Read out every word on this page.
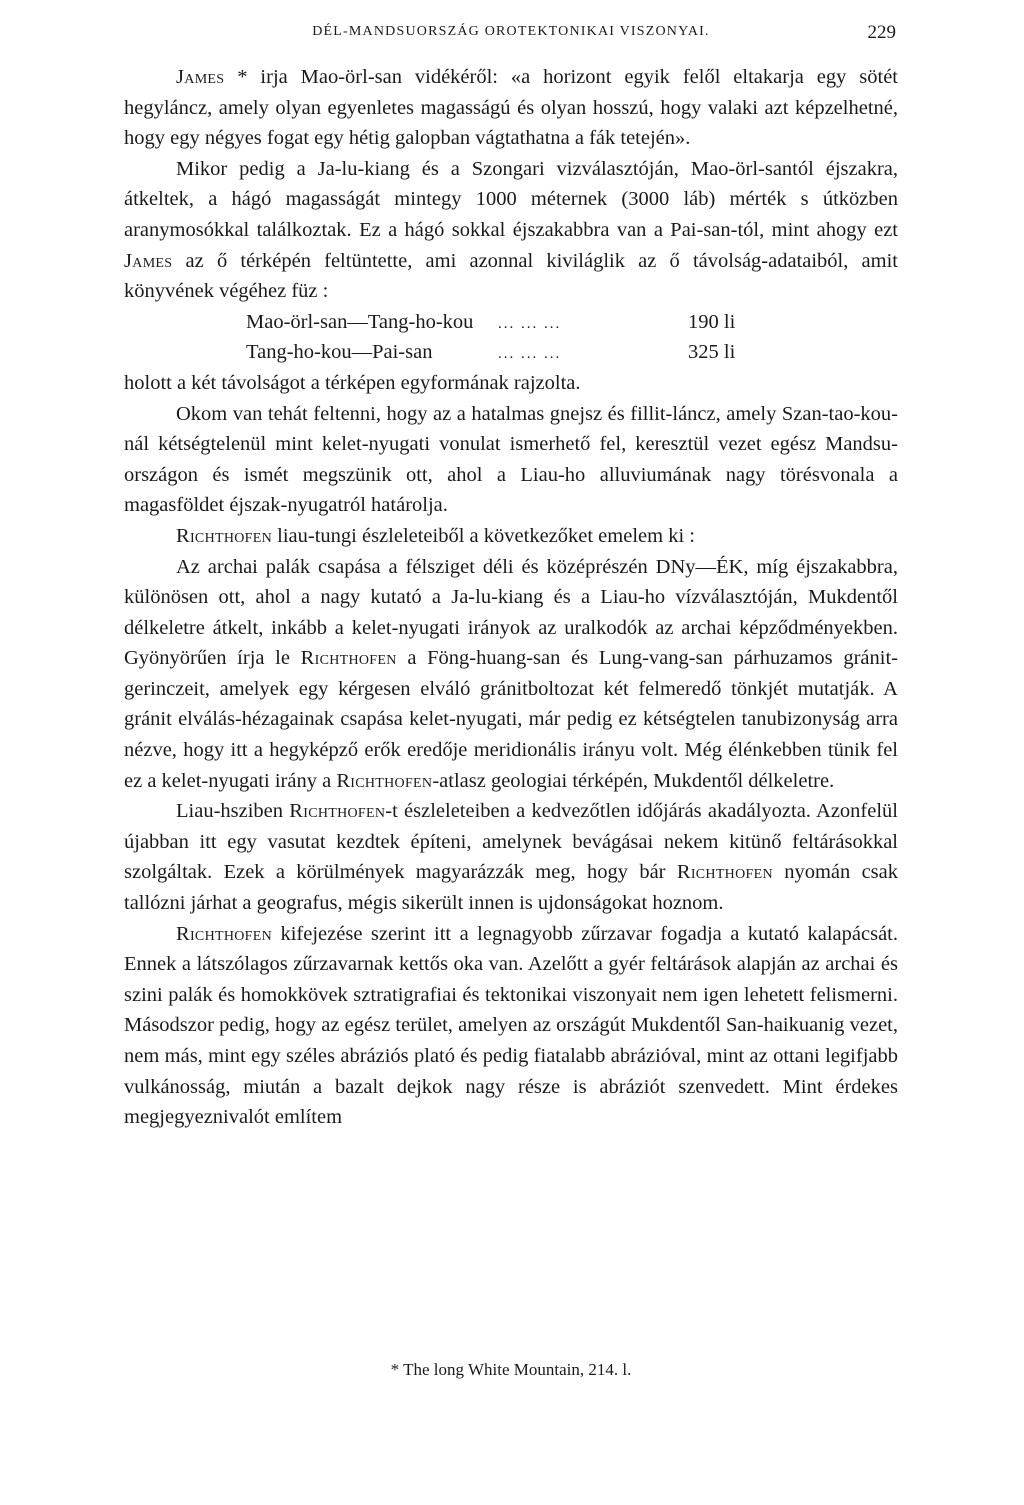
DÉL-MANDSUORSZÁG OROTEKTONIKAI VISZONYAI.	229

James * irja Mao-örl-san vidékéről: «a horizont egyik felől eltakarja egy sötét hegyláncz, amely olyan egyenletes magasságú és olyan hosszú, hogy valaki azt képzelhetné, hogy egy négyes fogat egy hétig galopban vágtathatna a fák tetején».

Mikor pedig a Ja-lu-kiang és a Szongari vizválasztóján, Mao-örl-santól éjszakra, átkeltek, a hágó magasságát mintegy 1000 méternek (3000 láb) mérték s útközben aranymosókkal találkoztak. Ez a hágó sokkal éjszakabbra van a Pai-san-tól, mint ahogy ezt James az ő térképén feltüntette, ami azonnal kiviláglik az ő távolság-adataiból, amit könyvének végéhez füz :

Mao-örl-san—Tang-ho-kou	... ... ...	190 li
Tang-ho-kou—Pai-san	... ... ...	325 li

holott a két távolságot a térképen egyformának rajzolta.

Okom van tehát feltenni, hogy az a hatalmas gnejsz és fillit-láncz, amely Szan-tao-kou-nál kétségtelenül mint kelet-nyugati vonulat ismerhető fel, keresztül vezet egész Mandsu-országon és ismét megszünik ott, ahol a Liau-ho alluviumának nagy törésvonala a magasföldet éjszak-nyugatról határolja.

Richthofen liau-tungi észleleteiből a következőket emelem ki :

Az archai palák csapása a félsziget déli és középrészén DNy—ÉK, míg éjszakabbra, különösen ott, ahol a nagy kutató a Ja-lu-kiang és a Liau-ho vízválasztóján, Mukdentől délkeletre átkelt, inkább a kelet-nyugati irányok az uralkodók az archai képződményekben. Gyönyörűen írja le Richthofen a Föng-huang-san és Lung-vang-san párhuzamos gránit-gerinczeit, amelyek egy kérgesen elváló gránitboltozat két felmeredő tönkjét mutatják. A gránit elválás-hézagainak csapása kelet-nyugati, már pedig ez kétségtelen tanubizonyság arra nézve, hogy itt a hegyképző erők eredője meridionális irányu volt. Még élénkebben tünik fel ez a kelet-nyugati irány a Richthofen-atlasz geologiai térképén, Mukdentől délkeletre.

Liau-hsziben Richthofen-t észleleteiben a kedvezőtlen időjárás akadályozta. Azonfelül újabban itt egy vasutat kezdtek építeni, amelynek bevágásai nekem kitünő feltárásokkal szolgáltak. Ezek a körülmények magyarázzák meg, hogy bár Richthofen nyomán csak tallózni járhat a geografus, mégis sikerült innen is ujdonságokat hoznom.

Richthofen kifejezése szerint itt a legnagyobb zűrzavar fogadja a kutató kalapácsát. Ennek a látszólagos zűrzavarnak kettős oka van. Azelőtt a gyér feltárások alapján az archai és szini palák és homokkövek sztratigrafiai és tektonikai viszonyait nem igen lehetett felismerni. Másodszor pedig, hogy az egész terület, amelyen az országút Mukdentől San-haikuanig vezet, nem más, mint egy széles abráziós plató és pedig fiatalabb abrázióval, mint az ottani legifjabb vulkánosság, miután a bazalt dejkok nagy része is abráziót szenvedett. Mint érdekes megjegyeznivalót említem

* The long White Mountain, 214. l.
